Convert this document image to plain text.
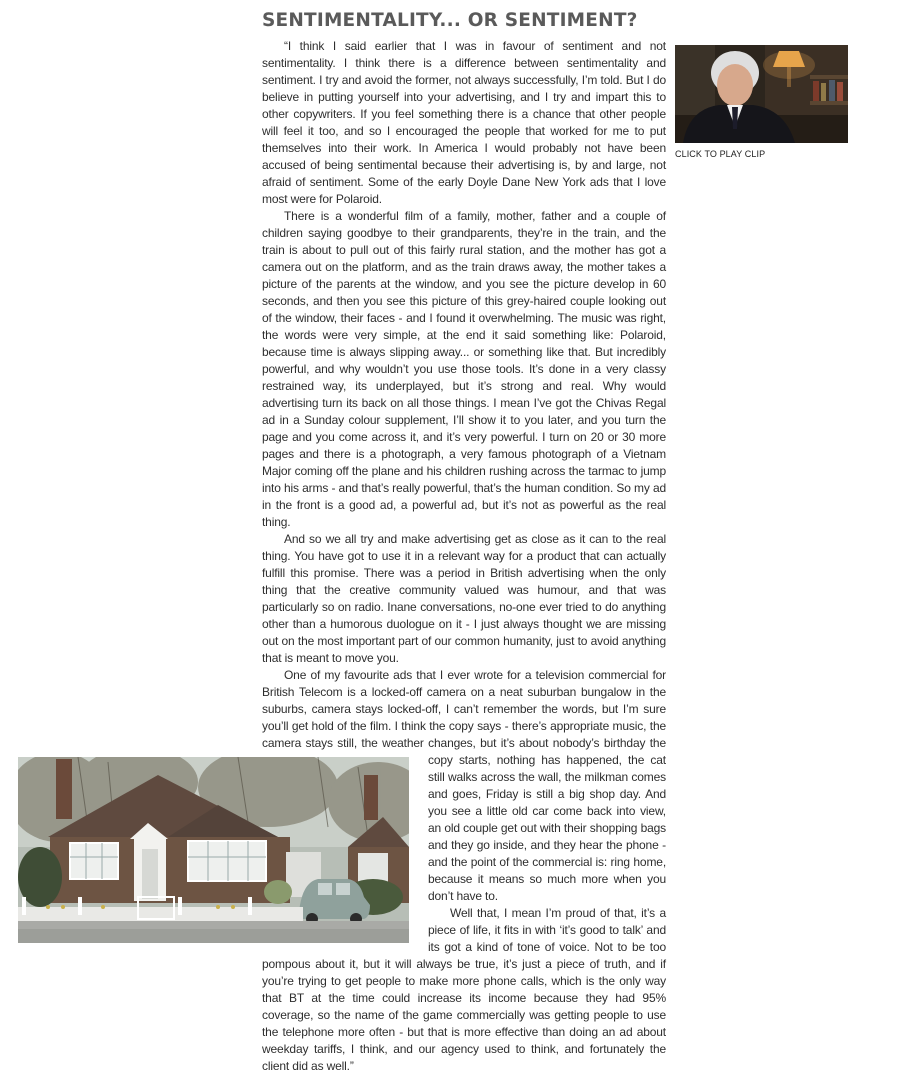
SENTIMENTALITY... OR SENTIMENT?

“I think I said earlier that I was in favour of sentiment and not sentimentality. I think there is a difference between sentimentality and sentiment. I try and avoid the former, not always successfully, I’m told. But I do believe in putting yourself into your advertising, and I try and impart this to other copywriters. If you feel something there is a chance that other people will feel it too, and so I encouraged the people that worked for me to put themselves into their work. In America I would probably not have been accused of being sentimental because their advertising is, by and large, not afraid of sentiment. Some of the early Doyle Dane New York ads that I love most were for Polaroid.

There is a wonderful film of a family, mother, father and a couple of children saying goodbye to their grandparents, they’re in the train, and the train is about to pull out of this fairly rural station, and the mother has got a camera out on the platform, and as the train draws away, the mother takes a picture of the parents at the window, and you see the picture develop in 60 seconds, and then you see this picture of this grey-haired couple looking out of the window, their faces - and I found it overwhelming. The music was right, the words were very simple, at the end it said something like: Polaroid, because time is always slipping away... or something like that. But incredibly powerful, and why wouldn’t you use those tools. It’s done in a very classy restrained way, its underplayed, but it’s strong and real. Why would advertising turn its back on all those things. I mean I’ve got the Chivas Regal ad in a Sunday colour supplement, I’ll show it to you later, and you turn the page and you come across it, and it’s very powerful. I turn on 20 or 30 more pages and there is a photograph, a very famous photograph of a Vietnam Major coming off the plane and his children rushing across the tarmac to jump into his arms - and that’s really powerful, that’s the human condition. So my ad in the front is a good ad, a powerful ad, but it’s not as powerful as the real thing.

And so we all try and make advertising get as close as it can to the real thing. You have got to use it in a relevant way for a product that can actually fulfill this promise. There was a period in British advertising when the only thing that the creative community valued was humour, and that was particularly so on radio. Inane conversations, no-one ever tried to do anything other than a humorous duologue on it - I just always thought we are missing out on the most important part of our common humanity, just to avoid anything that is meant to move you.

One of my favourite ads that I ever wrote for a television commercial for British Telecom is a locked-off camera on a neat suburban bungalow in the suburbs, camera stays locked-off, I can’t remember the words, but I’m sure you’ll get hold of the film. I think the copy says - there’s appropriate music, the camera stays still, the weather changes, but it’s about nobody’s
birthday the copy starts, nothing has happened, the cat still walks across the wall, the milkman comes and goes, Friday is still a big shop day. And you see a little old car come back into view, an old couple get out with their shopping bags and they go inside, and they hear the phone - and the point of the commercial is: ring home, because it means so much more when you don’t have to.

Well that, I mean I’m proud of that, it’s a piece of life, it fits in with ‘it’s good to talk’ and its got a kind of tone of voice. Not to be too pompous about it, but it will always be true, it’s just a piece of truth, and if you’re trying to get people to make more phone calls, which is the only way that BT at the time could increase its income because they had 95% coverage, so the name of the game commercially was getting people to use the telephone more often - but that is more effective than doing an ad about weekday tariffs, I think, and our agency used to think, and fortunately the client did as well.”

CLICK TO PLAY CLIP
